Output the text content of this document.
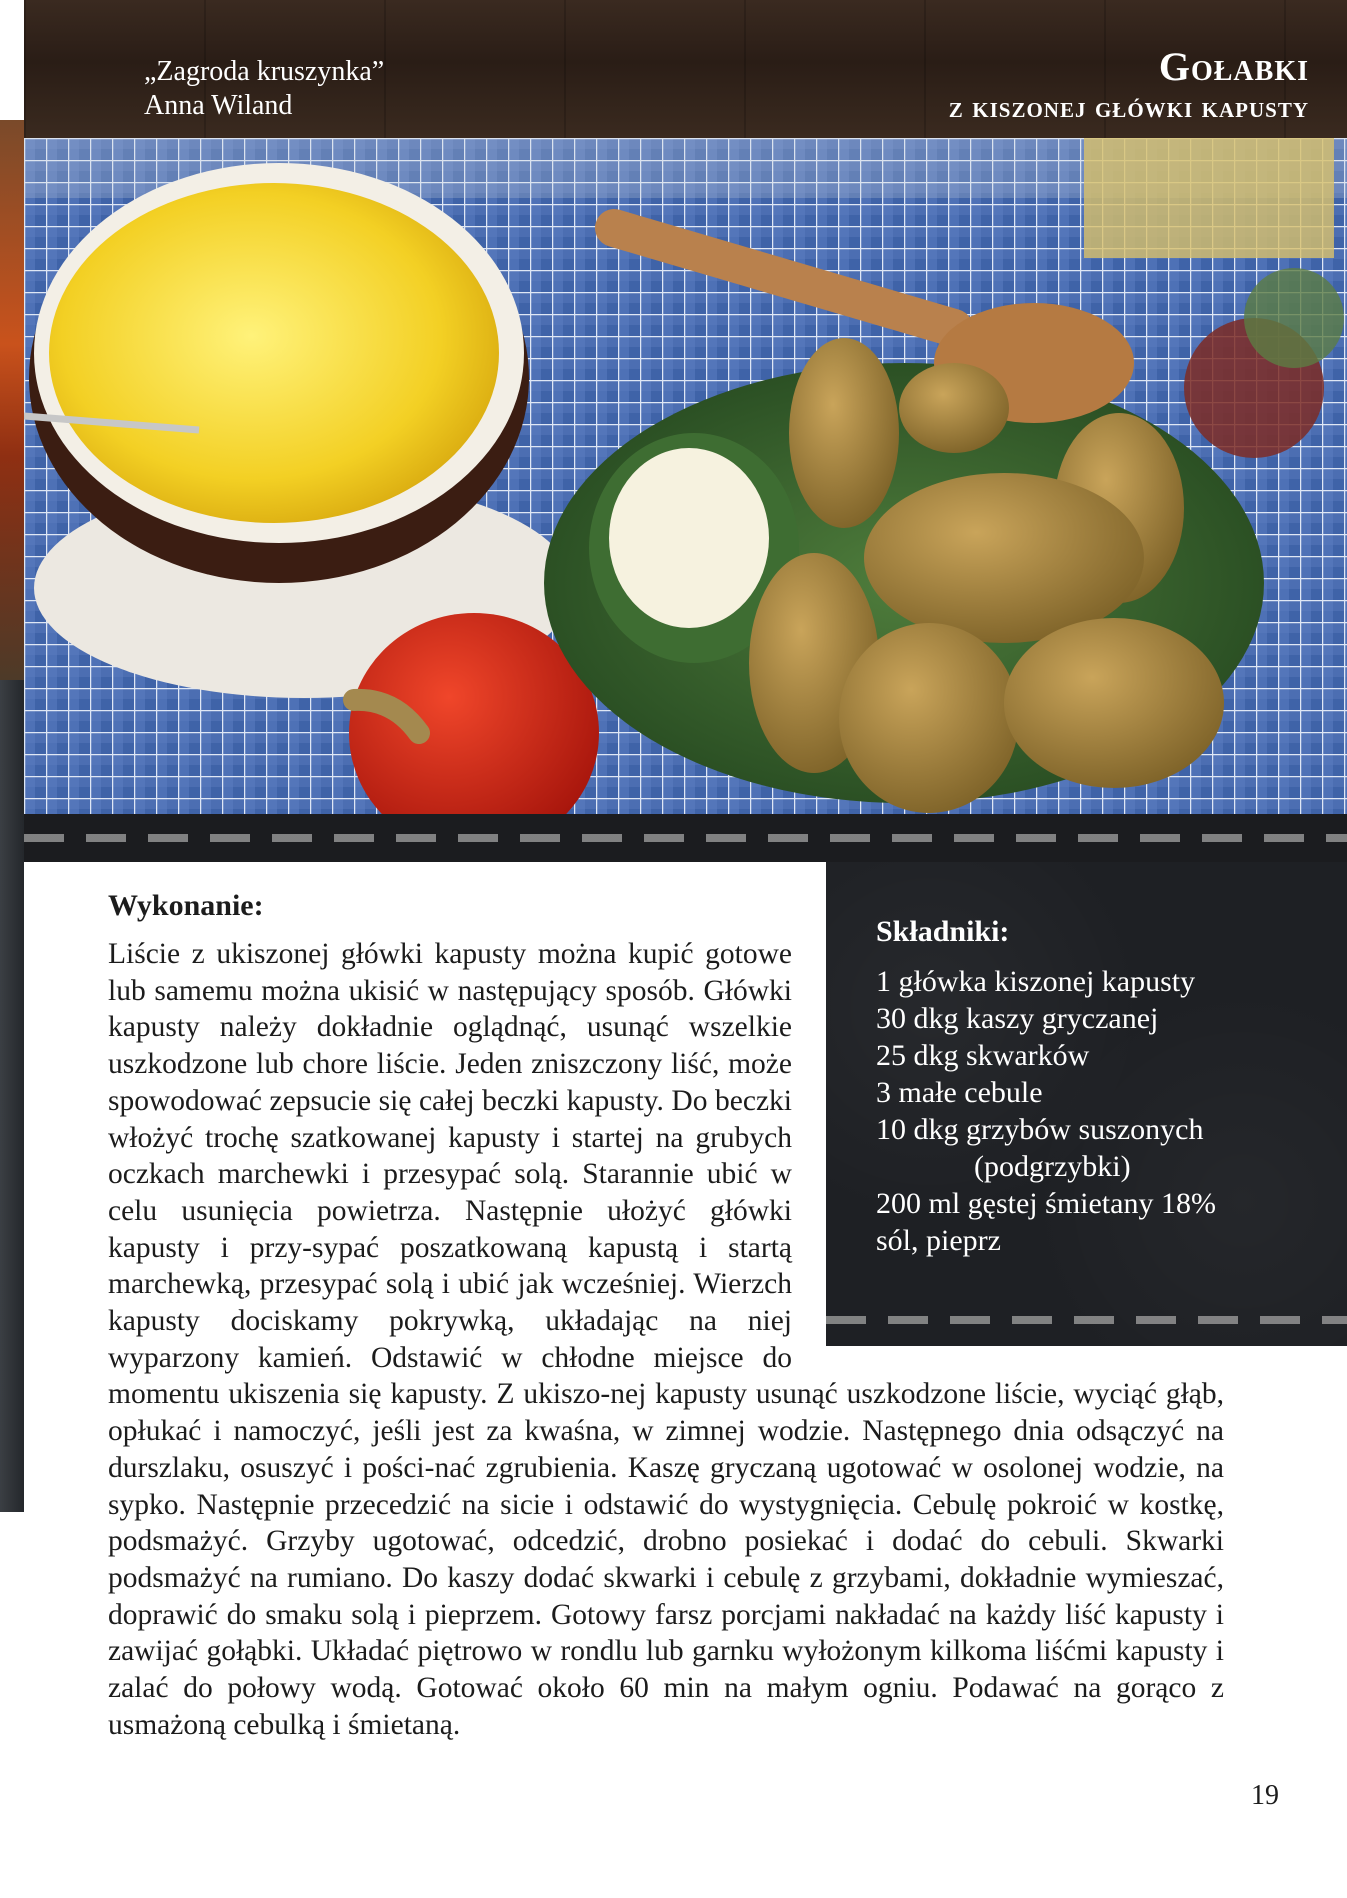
„Zagroda kruszynka”
Anna Wiland
Gołabki
z kiszonej główki kapusty
Składniki:
1 główka kiszonej kapusty
30 dkg kaszy gryczanej
25 dkg skwarków
3 małe cebule
10 dkg grzybów suszonych
(podgrzybki)
200 ml gęstej śmietany 18%
sól, pieprz
Wykonanie:
Liście z ukiszonej główki kapusty można kupić gotowe lub samemu można ukisić w następujący sposób. Główki kapusty należy dokładnie oglądnąć, usunąć wszelkie uszkodzone lub chore liście. Jeden zniszczony liść, może spowodować zepsucie się całej beczki kapusty. Do beczki włożyć trochę szatkowanej kapusty i startej na grubych oczkach marchewki i przesypać solą. Starannie ubić w celu usunięcia powietrza. Następnie ułożyć główki kapusty i przy-sypać poszatkowaną kapustą i startą marchewką, przesypać solą i ubić jak wcześniej. Wierzch kapusty dociskamy pokrywką, układając na niej wyparzony kamień. Odstawić w chłodne miejsce do momentu ukiszenia się kapusty. Z ukiszo-nej kapusty usunąć uszkodzone liście, wyciąć głąb, opłukać i namoczyć, jeśli jest za kwaśna, w zimnej wodzie. Następnego dnia odsączyć na durszlaku, osuszyć i pości-nać zgrubienia. Kaszę gryczaną ugotować w osolonej wodzie, na sypko. Następnie przecedzić na sicie i odstawić do wystygnięcia. Cebulę pokroić w kostkę, podsmażyć. Grzyby ugotować, odcedzić, drobno posiekać i dodać do cebuli. Skwarki podsmażyć na rumiano. Do kaszy dodać skwarki i cebulę z grzybami, dokładnie wymieszać, doprawić do smaku solą i pieprzem. Gotowy farsz porcjami nakładać na każdy liść kapusty i zawijać gołąbki. Układać piętrowo w rondlu lub garnku wyłożonym kilkoma liśćmi kapusty i zalać do połowy wodą. Gotować około 60 min na małym ogniu. Podawać na gorąco z usmażoną cebulką i śmietaną.
19
